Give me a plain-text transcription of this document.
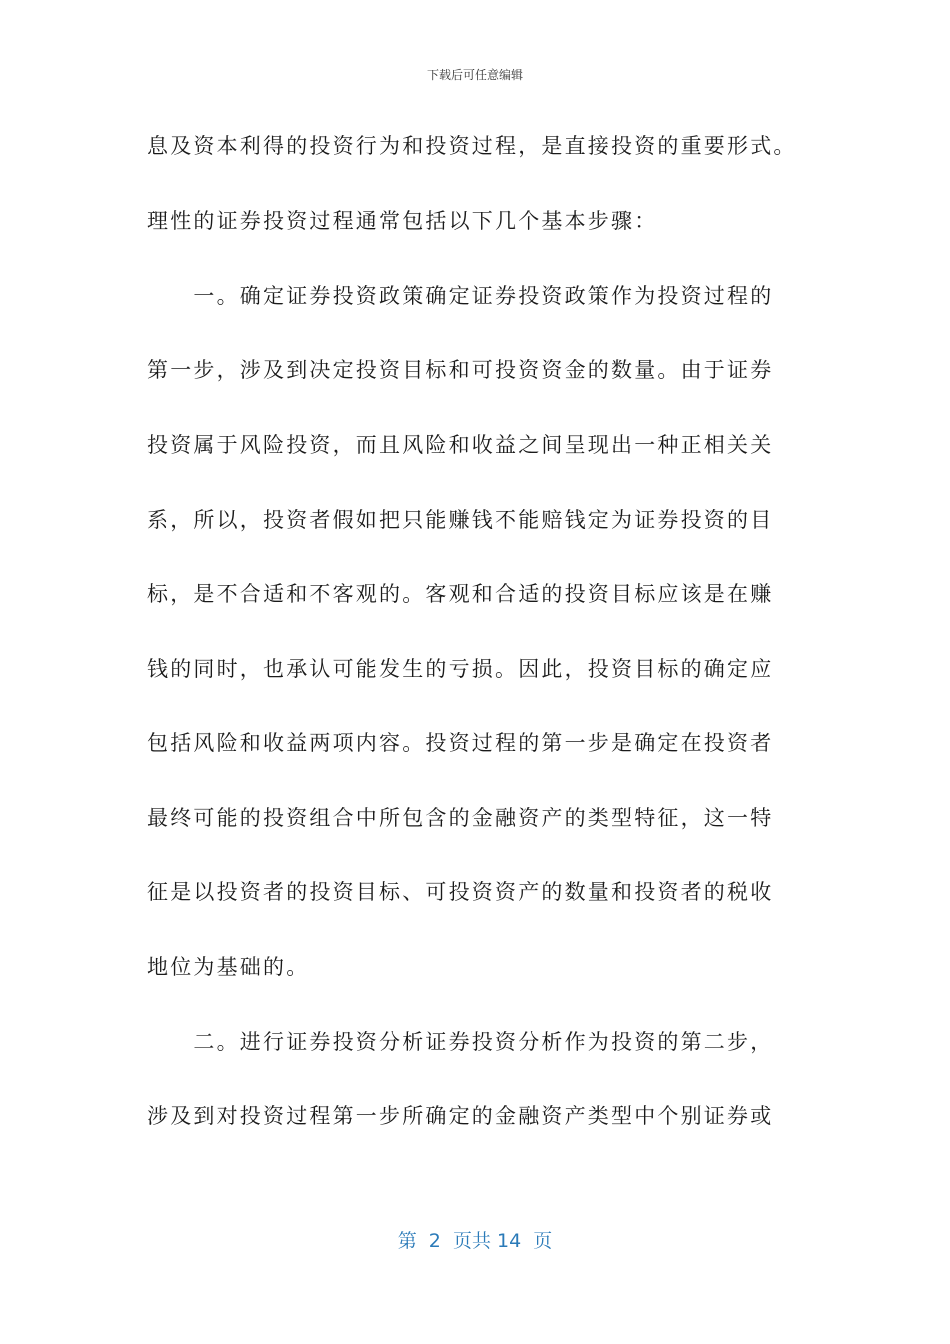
下载后可任意编辑
息及资本利得的投资行为和投资过程，是直接投资的重要形式。
理性的证券投资过程通常包括以下几个基本步骤：
　　一。确定证券投资政策确定证券投资政策作为投资过程的
第一步，涉及到决定投资目标和可投资资金的数量。由于证券
投资属于风险投资，而且风险和收益之间呈现出一种正相关关
系，所以，投资者假如把只能赚钱不能赔钱定为证券投资的目
标，是不合适和不客观的。客观和合适的投资目标应该是在赚
钱的同时，也承认可能发生的亏损。因此，投资目标的确定应
包括风险和收益两项内容。投资过程的第一步是确定在投资者
最终可能的投资组合中所包含的金融资产的类型特征，这一特
征是以投资者的投资目标、可投资资产的数量和投资者的税收
地位为基础的。
　　二。进行证券投资分析证券投资分析作为投资的第二步，
涉及到对投资过程第一步所确定的金融资产类型中个别证券或
第  2  页共 14  页
